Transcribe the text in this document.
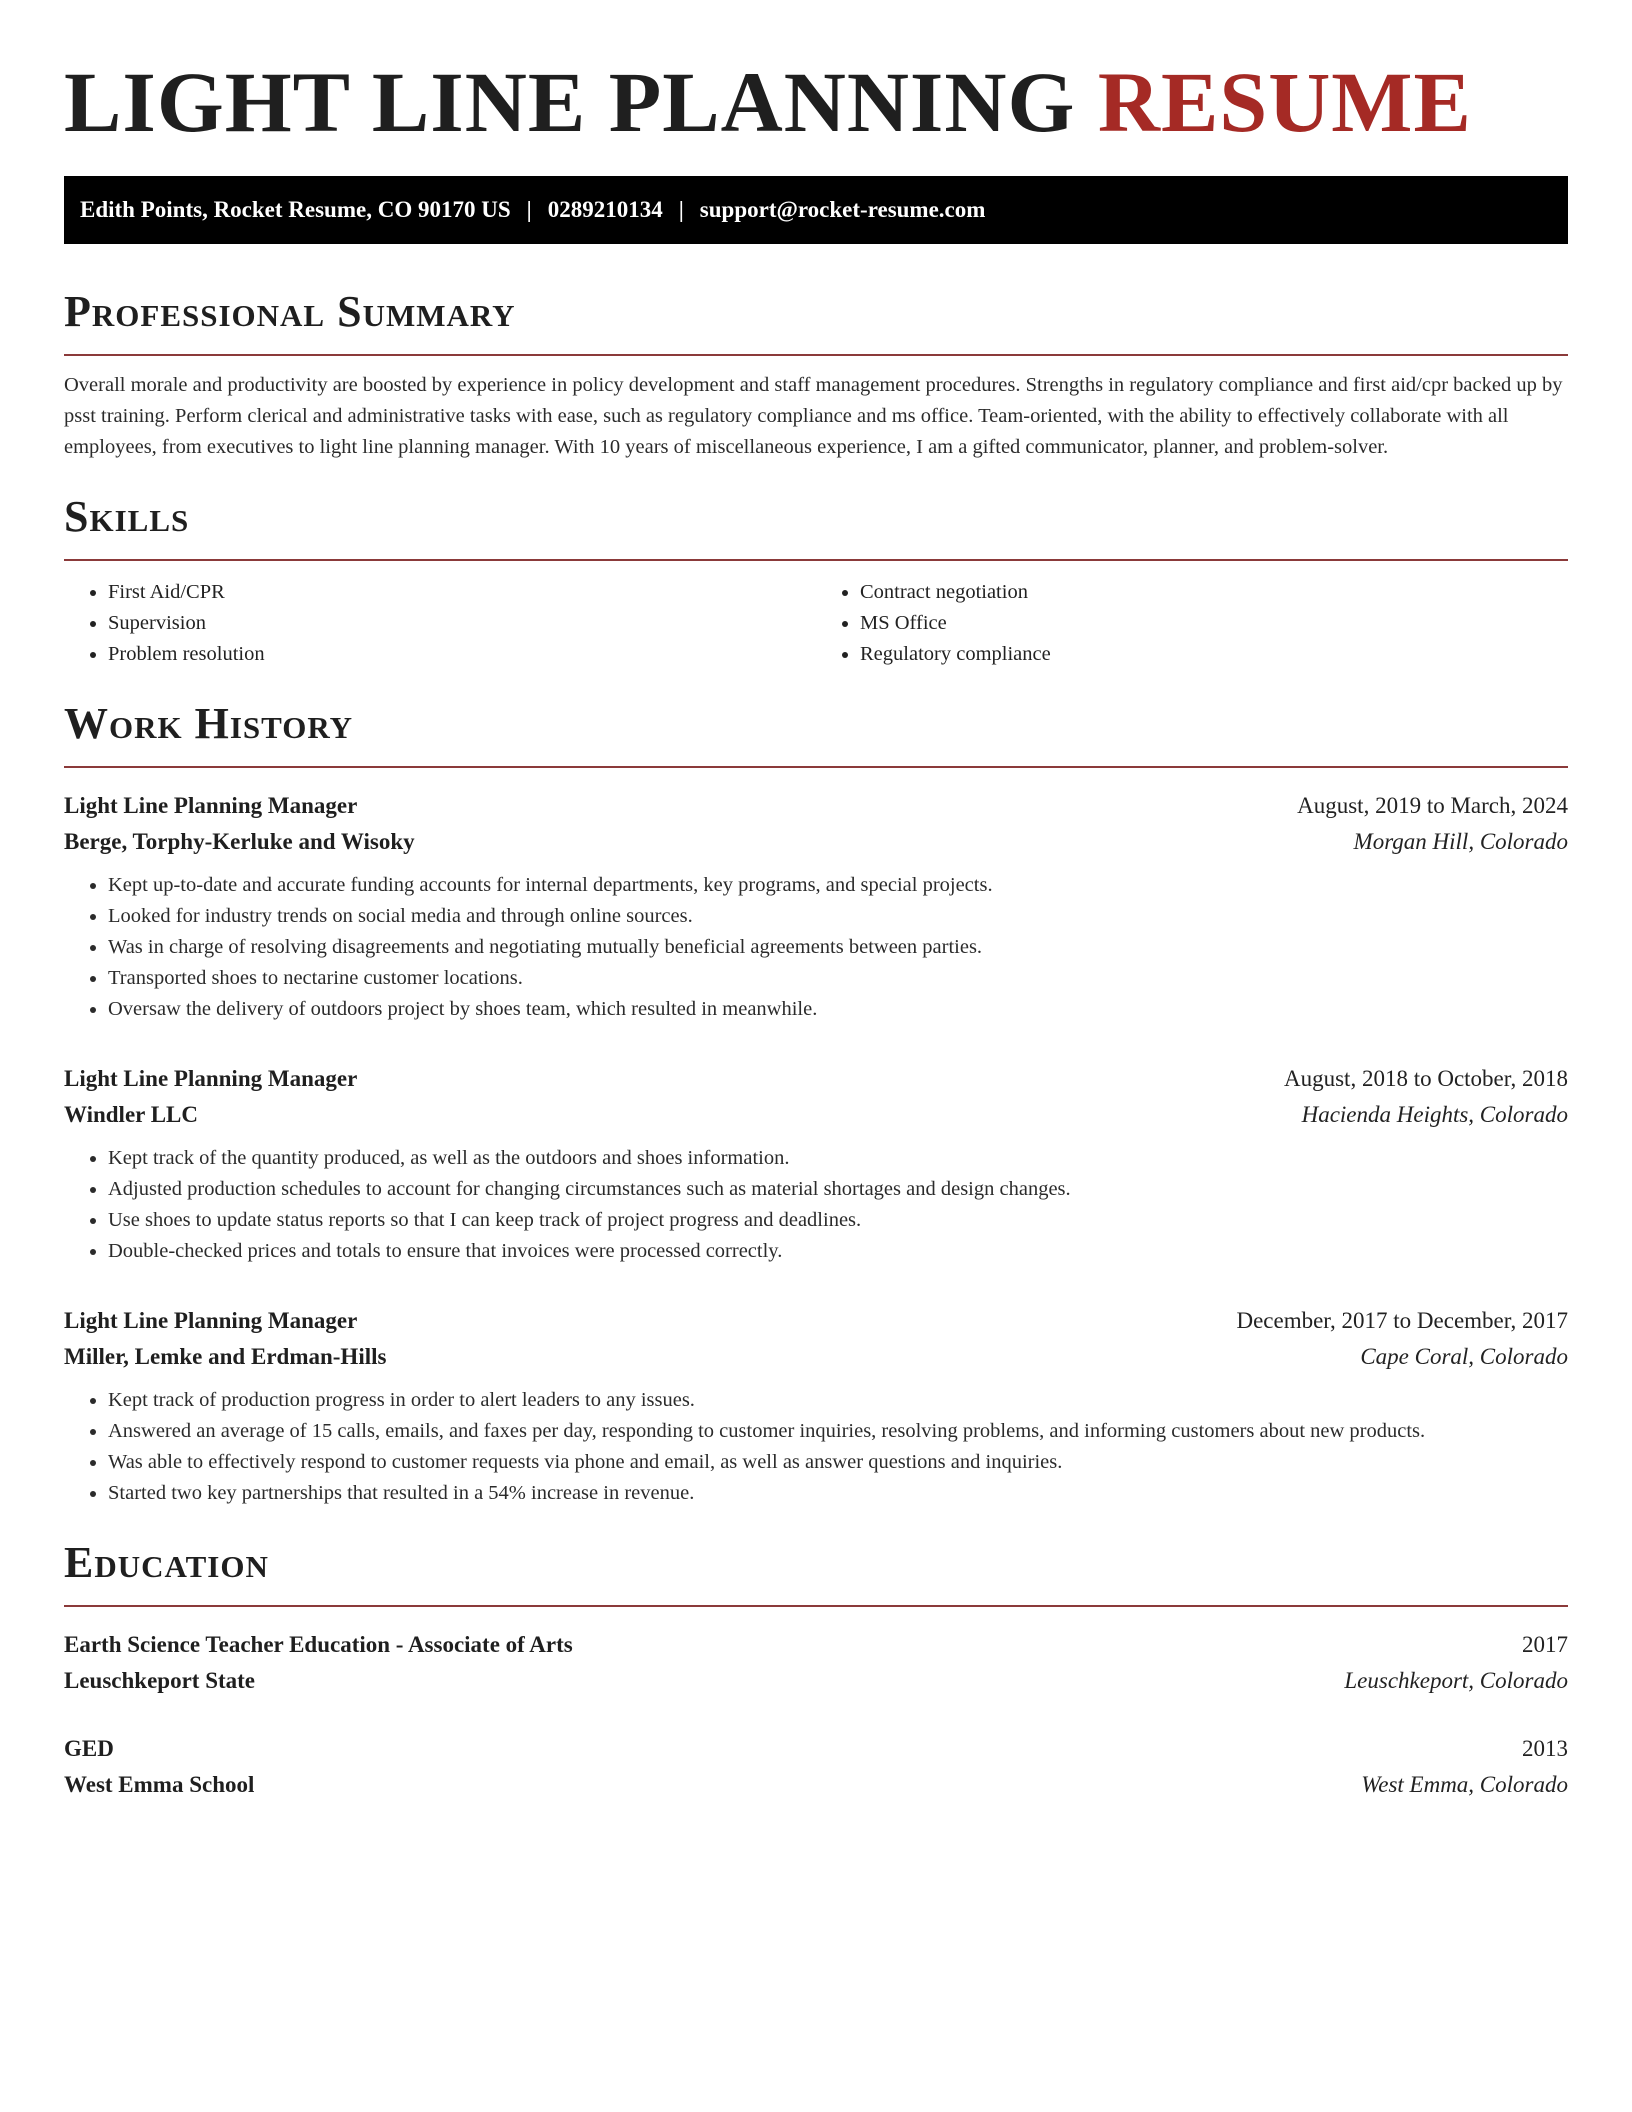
LIGHT LINE PLANNING RESUME
Edith Points, Rocket Resume, CO 90170 US | 0289210134 | support@rocket-resume.com
Professional Summary

Overall morale and productivity are boosted by experience in policy development and staff management procedures. Strengths in regulatory compliance and first aid/cpr backed up by psst training. Perform clerical and administrative tasks with ease, such as regulatory compliance and ms office. Team-oriented, with the ability to effectively collaborate with all employees, from executives to light line planning manager. With 10 years of miscellaneous experience, I am a gifted communicator, planner, and problem-solver.

Skills
• First Aid/CPR
• Supervision
• Problem resolution
• Contract negotiation
• MS Office
• Regulatory compliance
Work History
Light Line Planning Manager	August, 2019 to March, 2024
Berge, Torphy-Kerluke and Wisoky	Morgan Hill, Colorado
• Kept up-to-date and accurate funding accounts for internal departments, key programs, and special projects.
• Looked for industry trends on social media and through online sources.
• Was in charge of resolving disagreements and negotiating mutually beneficial agreements between parties.
• Transported shoes to nectarine customer locations.
• Oversaw the delivery of outdoors project by shoes team, which resulted in meanwhile.
Light Line Planning Manager	August, 2018 to October, 2018
Windler LLC	Hacienda Heights, Colorado
• Kept track of the quantity produced, as well as the outdoors and shoes information.
• Adjusted production schedules to account for changing circumstances such as material shortages and design changes.
• Use shoes to update status reports so that I can keep track of project progress and deadlines.
• Double-checked prices and totals to ensure that invoices were processed correctly.
Light Line Planning Manager	December, 2017 to December, 2017
Miller, Lemke and Erdman-Hills	Cape Coral, Colorado
• Kept track of production progress in order to alert leaders to any issues.
• Answered an average of 15 calls, emails, and faxes per day, responding to customer inquiries, resolving problems, and informing customers about new products.
• Was able to effectively respond to customer requests via phone and email, as well as answer questions and inquiries.
• Started two key partnerships that resulted in a 54% increase in revenue.
Education
Earth Science Teacher Education - Associate of Arts	2017
Leuschkeport State	Leuschkeport, Colorado
GED	2013
West Emma School	West Emma, Colorado
